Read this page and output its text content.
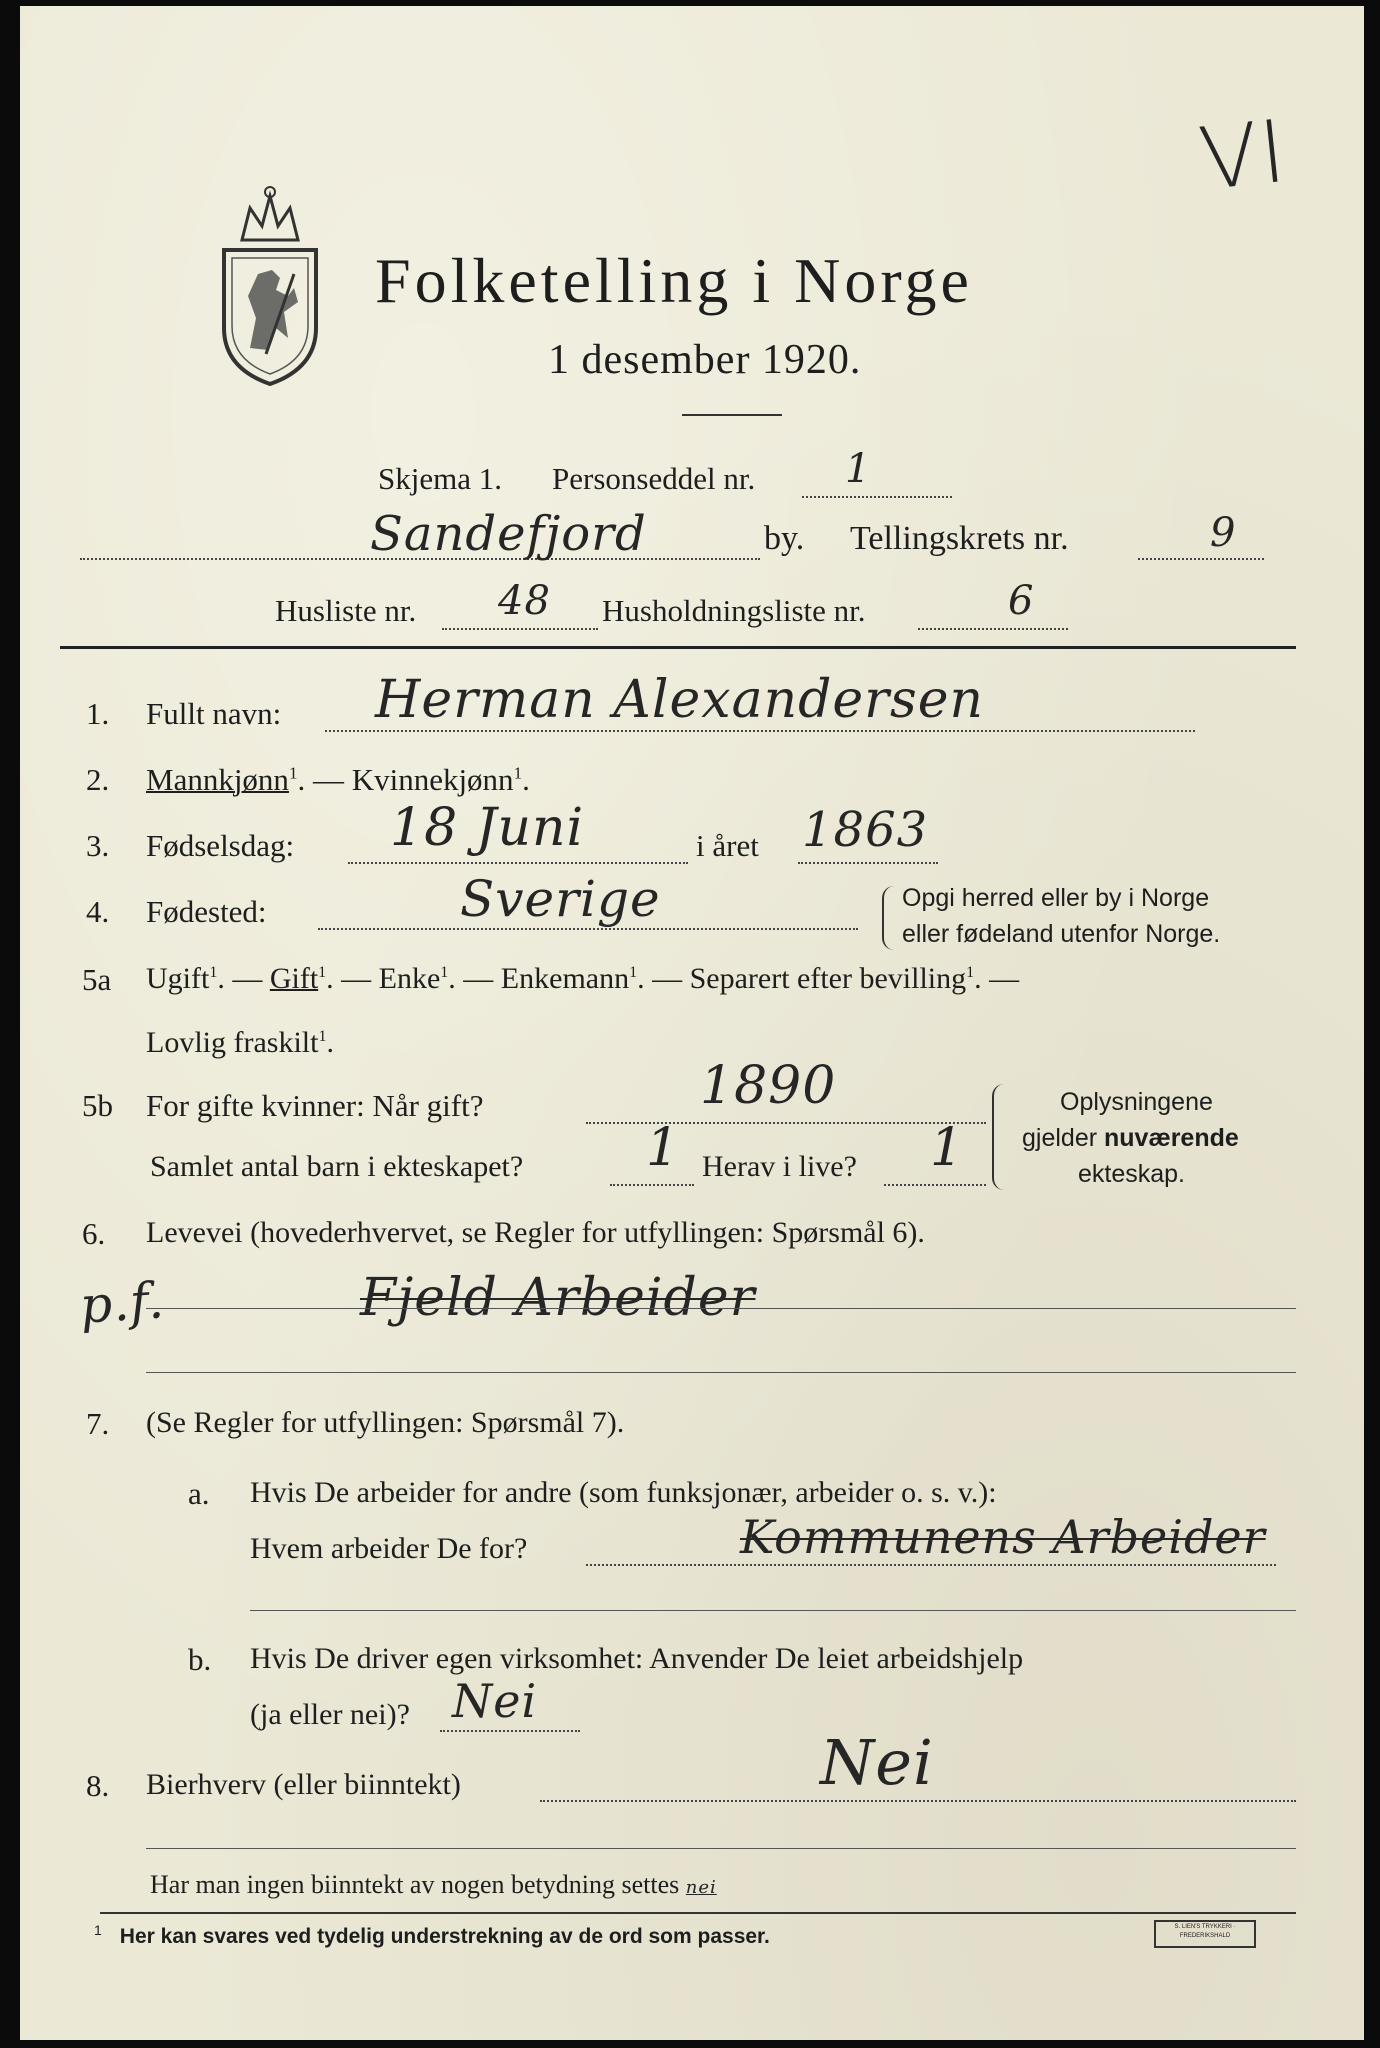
VI
Folketelling i Norge
1 desember 1920.
Skjema 1. Personseddel nr. 1
Sandefjord	by. Tellingskrets nr.	9
Husliste nr. 48 Husholdningsliste nr.	6
1. Fullt navn: Herman Alexandersen
2. Mannkjønn$^1$. — Kvinnekjønn$^1$.
3. Fødselsdag: 18 Juni	i året 1863
4. Fødested:	Sverige	Opgi herred eller by i Norge
eller fødeland utenfor Norge.
5a Ugift$^1$. — Gift$^1$. — Enke$^1$. — Enkemann$^1$. — Separert efter bevilling$^1$. —
Lovlig fraskilt$^1$.
5b For gifte kvinner: Når gift?	1890
Samlet antal barn i ekteskapet? 1 Herav i live? 1
Oplysningene
gjelder nuværende
ekteskap.
6. Levevei (hovederhvervet, se Regler for utfyllingen: Spørsmål 6).
p.f.	Fjeld Arbeider
7. (Se Regler for utfyllingen: Spørsmål 7).
a. Hvis De arbeider for andre (som funksjonær, arbeider o. s. v.):
Hvem arbeider De for?	Kommunens Arbeider
b. Hvis De driver egen virksomhet: Anvender De leiet arbeidshjelp
(ja eller nei)? Nei
8. Bierhverv (eller biinntekt)	Nei
Har man ingen biinntekt av nogen betydning settes nei
$^1$ Her kan svares ved tydelig understrekning av de ord som passer.	S. LIEN'S TRYKKERI · FREDERIKSHALD
